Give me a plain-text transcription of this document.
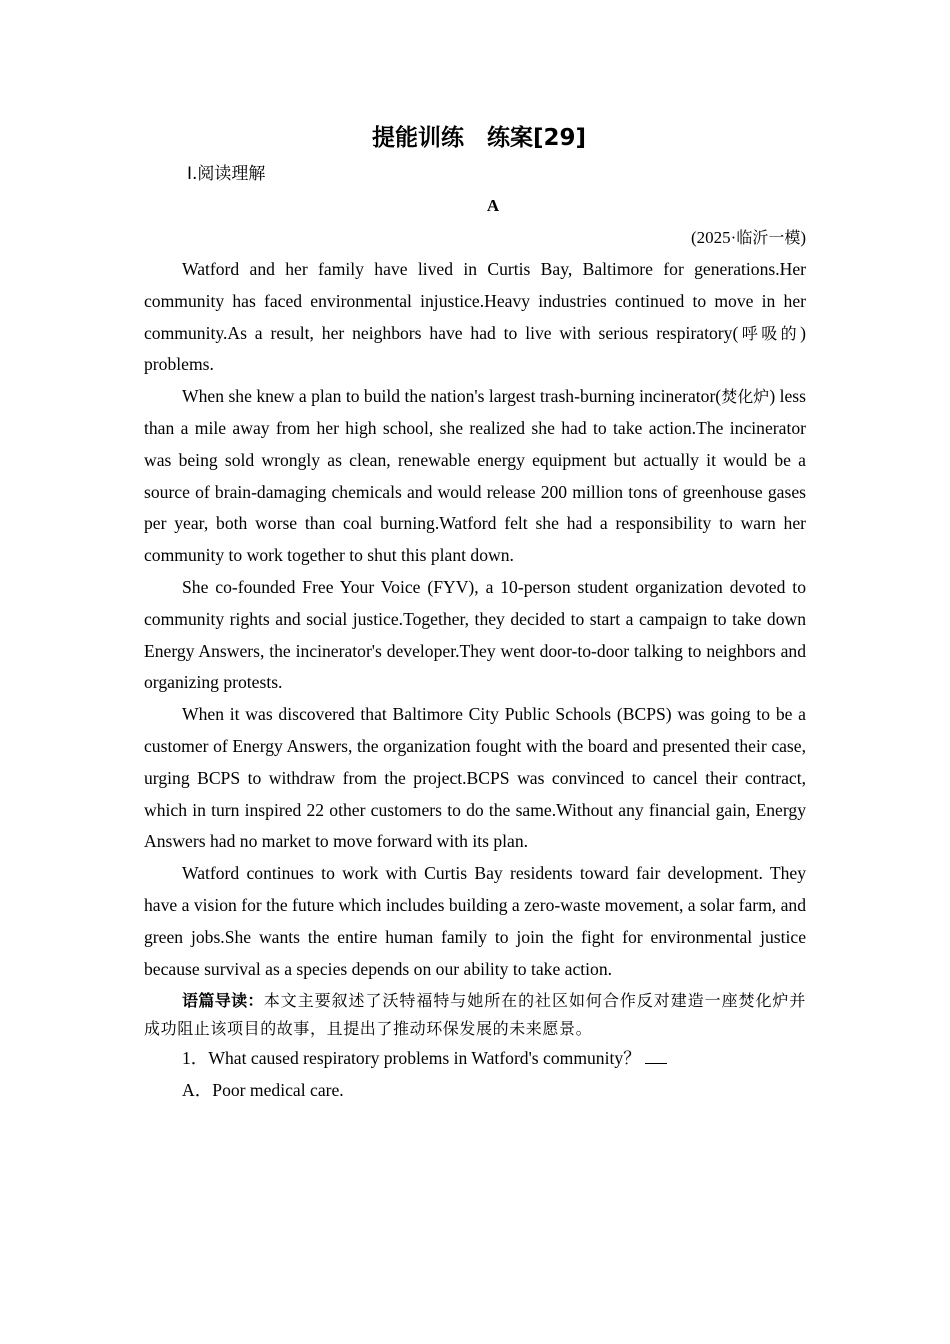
提能训练　练案[29]

Ⅰ.阅读理解

A

(2025·临沂一模)

Watford and her family have lived in Curtis Bay, Baltimore for generations.Her community has faced environmental injustice.Heavy industries continued to move in her community.As a result, her neighbors have had to live with serious respiratory(呼吸的) problems.

When she knew a plan to build the nation's largest trash-burning incinerator(焚化炉) less than a mile away from her high school, she realized she had to take action.The incinerator was being sold wrongly as clean, renewable energy equipment but actually it would be a source of brain-damaging chemicals and would release 200 million tons of greenhouse gases per year, both worse than coal burning.Watford felt she had a responsibility to warn her community to work together to shut this plant down.

She co-founded Free Your Voice (FYV), a 10-person student organization devoted to community rights and social justice.Together, they decided to start a campaign to take down Energy Answers, the incinerator's developer.They went door-to-door talking to neighbors and organizing protests.

When it was discovered that Baltimore City Public Schools (BCPS) was going to be a customer of Energy Answers, the organization fought with the board and presented their case, urging BCPS to withdraw from the project.BCPS was convinced to cancel their contract, which in turn inspired 22 other customers to do the same.Without any financial gain, Energy Answers had no market to move forward with its plan.

Watford continues to work with Curtis Bay residents toward fair development. They have a vision for the future which includes building a zero-waste movement, a solar farm, and green jobs.She wants the entire human family to join the fight for environmental justice because survival as a species depends on our ability to take action.

语篇导读：本文主要叙述了沃特福特与她所在的社区如何合作反对建造一座焚化炉并成功阻止该项目的故事，且提出了推动环保发展的未来愿景。

1．What caused respiratory problems in Watford's community？

A．Poor medical care.
